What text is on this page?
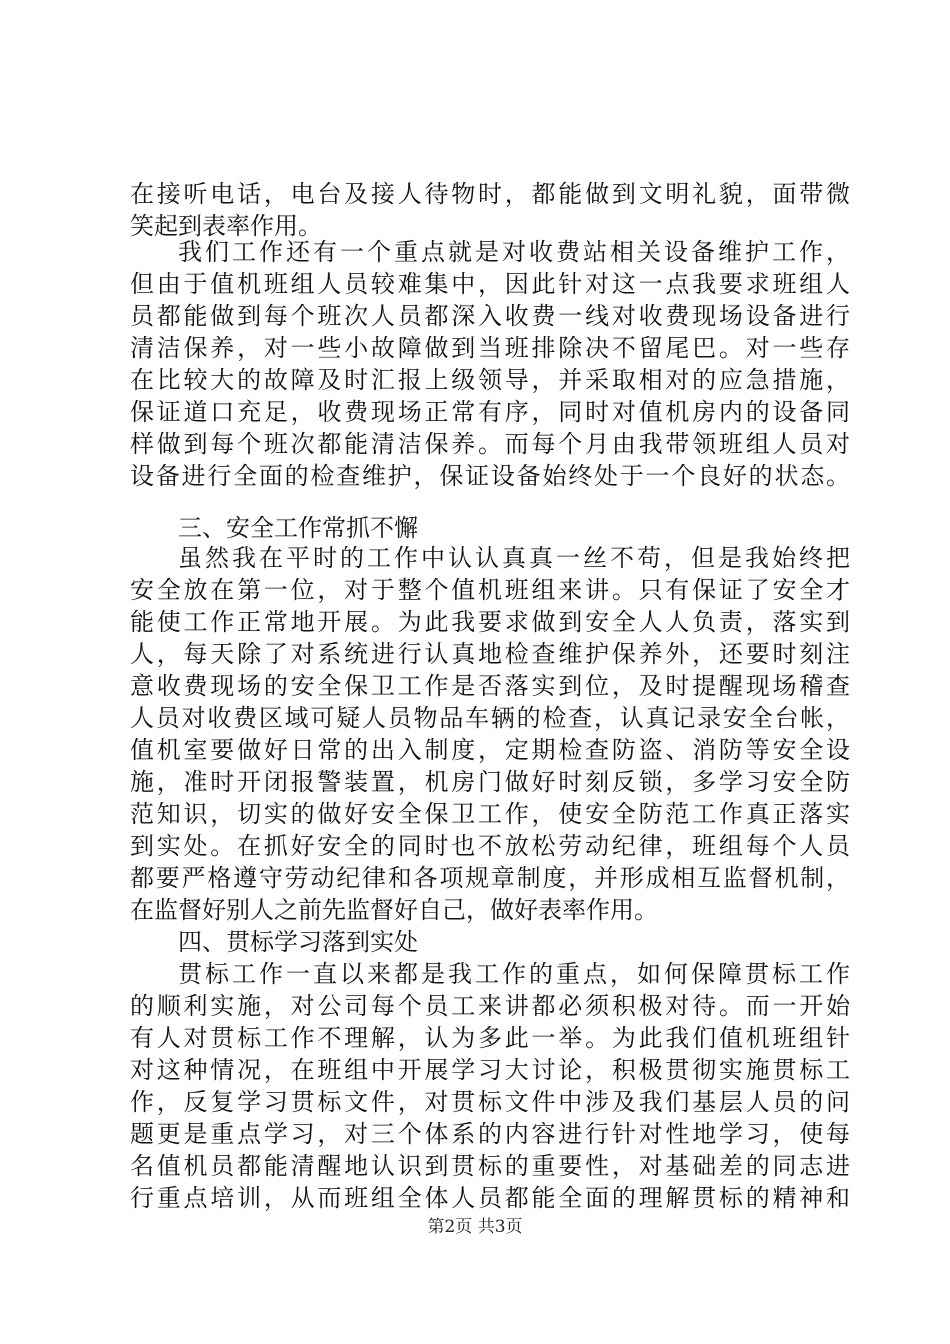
在接听电话，电台及接人待物时，都能做到文明礼貌，面带微
笑起到表率作用。
我们工作还有一个重点就是对收费站相关设备维护工作，
但由于值机班组人员较难集中，因此针对这一点我要求班组人
员都能做到每个班次人员都深入收费一线对收费现场设备进行
清洁保养，对一些小故障做到当班排除决不留尾巴。对一些存
在比较大的故障及时汇报上级领导，并采取相对的应急措施，
保证道口充足，收费现场正常有序，同时对值机房内的设备同
样做到每个班次都能清洁保养。而每个月由我带领班组人员对
设备进行全面的检查维护，保证设备始终处于一个良好的状态。
三、安全工作常抓不懈
虽然我在平时的工作中认认真真一丝不苟，但是我始终把
安全放在第一位，对于整个值机班组来讲。只有保证了安全才
能使工作正常地开展。为此我要求做到安全人人负责，落实到
人，每天除了对系统进行认真地检查维护保养外，还要时刻注
意收费现场的安全保卫工作是否落实到位，及时提醒现场稽查
人员对收费区域可疑人员物品车辆的检查，认真记录安全台帐，
值机室要做好日常的出入制度，定期检查防盗、消防等安全设
施，准时开闭报警装置，机房门做好时刻反锁，多学习安全防
范知识，切实的做好安全保卫工作，使安全防范工作真正落实
到实处。在抓好安全的同时也不放松劳动纪律，班组每个人员
都要严格遵守劳动纪律和各项规章制度，并形成相互监督机制，
在监督好别人之前先监督好自己，做好表率作用。
四、贯标学习落到实处
贯标工作一直以来都是我工作的重点，如何保障贯标工作
的顺利实施，对公司每个员工来讲都必须积极对待。而一开始
有人对贯标工作不理解，认为多此一举。为此我们值机班组针
对这种情况，在班组中开展学习大讨论，积极贯彻实施贯标工
作，反复学习贯标文件，对贯标文件中涉及我们基层人员的问
题更是重点学习，对三个体系的内容进行针对性地学习，使每
名值机员都能清醒地认识到贯标的重要性，对基础差的同志进
行重点培训，从而班组全体人员都能全面的理解贯标的精神和
第2页 共3页
